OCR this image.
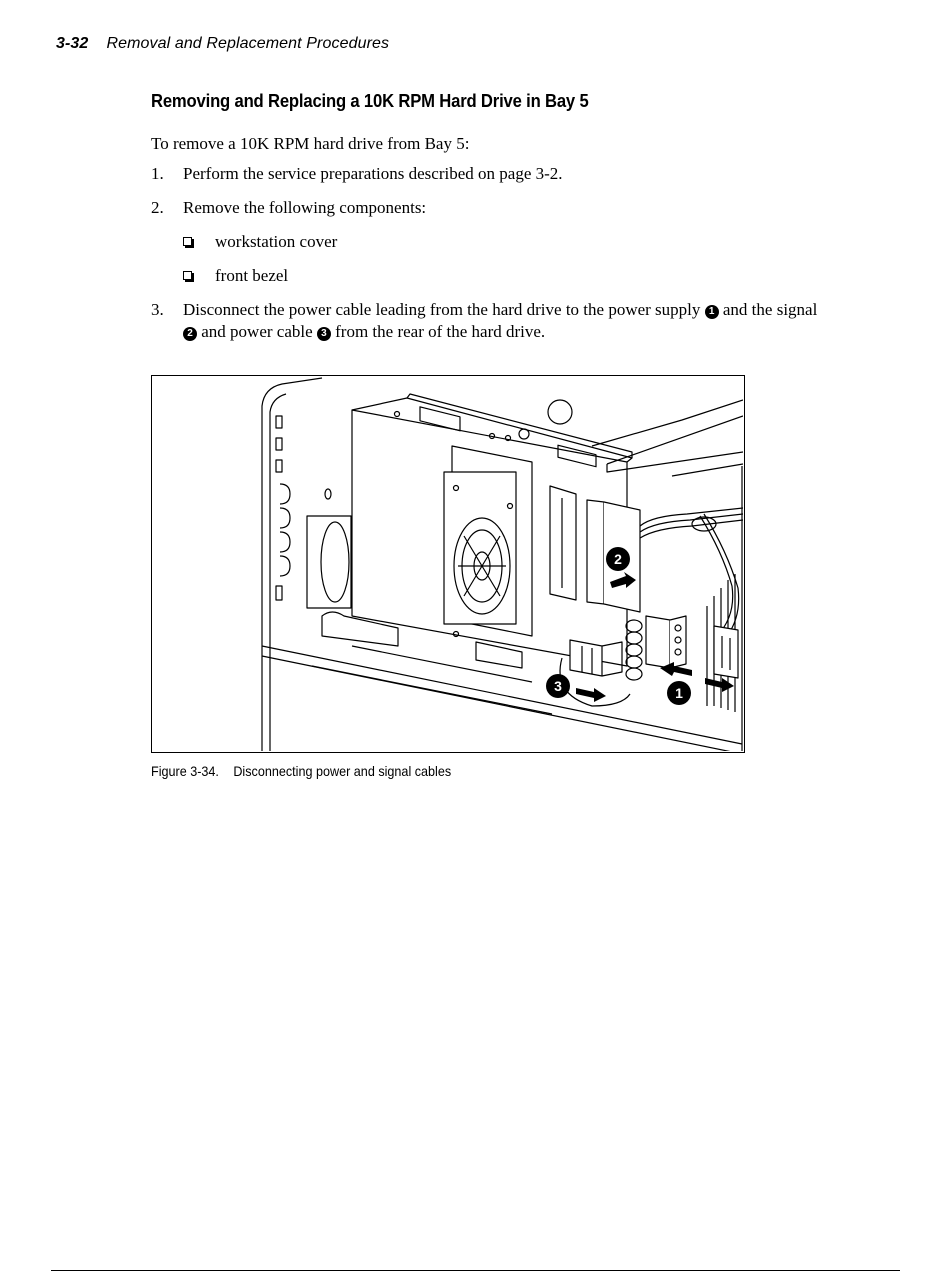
3-32 Removal and Replacement Procedures
Removing and Replacing a 10K RPM Hard Drive in Bay 5

To remove a 10K RPM hard drive from Bay 5:

1. Perform the service preparations described on page 3-2.
2. Remove the following components:
workstation cover
front bezel
3. Disconnect the power cable leading from the hard drive to the power supply 1 and the signal 2 and power cable 3 from the rear of the hard drive.
2
3	1
Figure 3-34. Disconnecting power and signal cables
